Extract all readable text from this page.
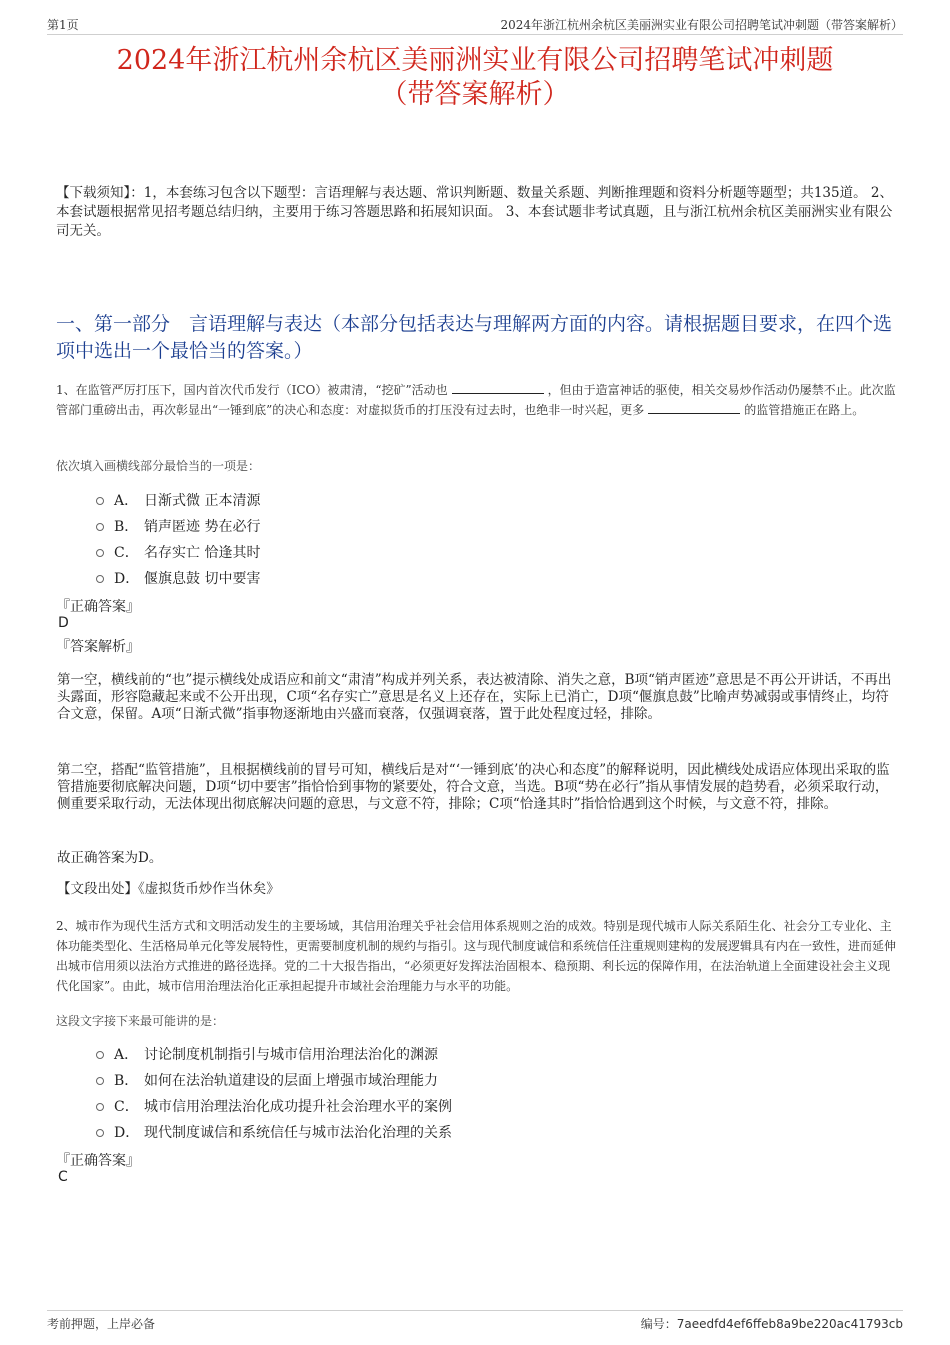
第1页	2024年浙江杭州余杭区美丽洲实业有限公司招聘笔试冲刺题（带答案解析）
2024年浙江杭州余杭区美丽洲实业有限公司招聘笔试冲刺题
（带答案解析）
【下载须知】：1，本套练习包含以下题型：言语理解与表达题、常识判断题、数量关系题、判断推理题和资料分析题等题型；共135道。 2、本套试题根据常见招考题总结归纳，主要用于练习答题思路和拓展知识面。 3、本套试题非考试真题，且与浙江杭州余杭区美丽洲实业有限公司无关。
一、第一部分　言语理解与表达（本部分包括表达与理解两方面的内容。请根据题目要求，在四个选项中选出一个最恰当的答案。）
1、在监管严厉打压下，国内首次代币发行（ICO）被肃清，“挖矿”活动也	，但由于造富神话的驱使，相关交易炒作活动仍屡禁不止。此次监管部门重磅出击，再次彰显出“一锤到底”的决心和态度：对虚拟货币的打压没有过去时，也绝非一时兴起，更多	的监管措施正在路上。
依次填入画横线部分最恰当的一项是：
A． 日渐式微 正本清源
B． 销声匿迹 势在必行
C． 名存实亡 恰逢其时
D． 偃旗息鼓 切中要害
『正确答案』
D
『答案解析』
第一空，横线前的“也”提示横线处成语应和前文“肃清”构成并列关系，表达被清除、消失之意，B项“销声匿迹”意思是不再公开讲话，不再出头露面，形容隐藏起来或不公开出现，C项“名存实亡”意思是名义上还存在，实际上已消亡，D项“偃旗息鼓”比喻声势减弱或事情终止，均符合文意，保留。A项“日渐式微”指事物逐渐地由兴盛而衰落，仅强调衰落，置于此处程度过轻，排除。
第二空，搭配“监管措施”，且根据横线前的冒号可知，横线后是对“‘一锤到底’的决心和态度”的解释说明，因此横线处成语应体现出采取的监管措施要彻底解决问题，D项“切中要害”指恰恰到事物的紧要处，符合文意，当选。B项“势在必行”指从事情发展的趋势看，必须采取行动，侧重要采取行动，无法体现出彻底解决问题的意思，与文意不符，排除；C项“恰逢其时”指恰恰遇到这个时候，与文意不符，排除。
故正确答案为D。
【文段出处】《虚拟货币炒作当休矣》
2、城市作为现代生活方式和文明活动发生的主要场域，其信用治理关乎社会信用体系规则之治的成效。特别是现代城市人际关系陌生化、社会分工专业化、主体功能类型化、生活格局单元化等发展特性，更需要制度机制的规约与指引。这与现代制度诚信和系统信任注重规则建构的发展逻辑具有内在一致性，进而延伸出城市信用须以法治方式推进的路径选择。党的二十大报告指出，“必须更好发挥法治固根本、稳预期、利长远的保障作用，在法治轨道上全面建设社会主义现代化国家”。由此，城市信用治理法治化正承担起提升市域社会治理能力与水平的功能。
这段文字接下来最可能讲的是：
A． 讨论制度机制指引与城市信用治理法治化的渊源
B． 如何在法治轨道建设的层面上增强市域治理能力
C． 城市信用治理法治化成功提升社会治理水平的案例
D． 现代制度诚信和系统信任与城市法治化治理的关系
『正确答案』
C
考前押题，上岸必备	编号：7aeedfd4ef6ffeb8a9be220ac41793cb
